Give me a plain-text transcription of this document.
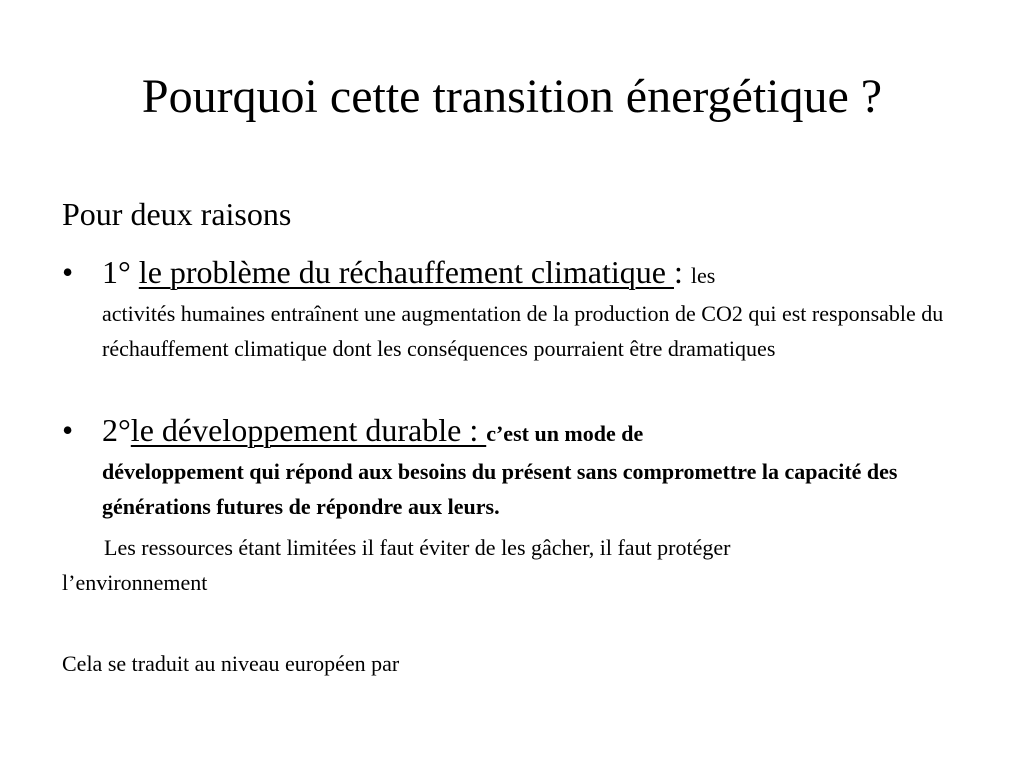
Pourquoi cette transition énergétique ?
Pour deux raisons
• 1° le problème du réchauffement climatique : les
activités humaines entraînent une augmentation de la production de CO2 qui est responsable du réchauffement climatique dont les conséquences pourraient être dramatiques
• 2°le développement durable : c’est un mode de
développement qui répond aux besoins du présent sans compromettre la capacité des générations futures de répondre aux leurs.
Les ressources étant limitées il faut éviter de les gâcher, il faut protéger
l’environnement
Cela se traduit au niveau européen par
